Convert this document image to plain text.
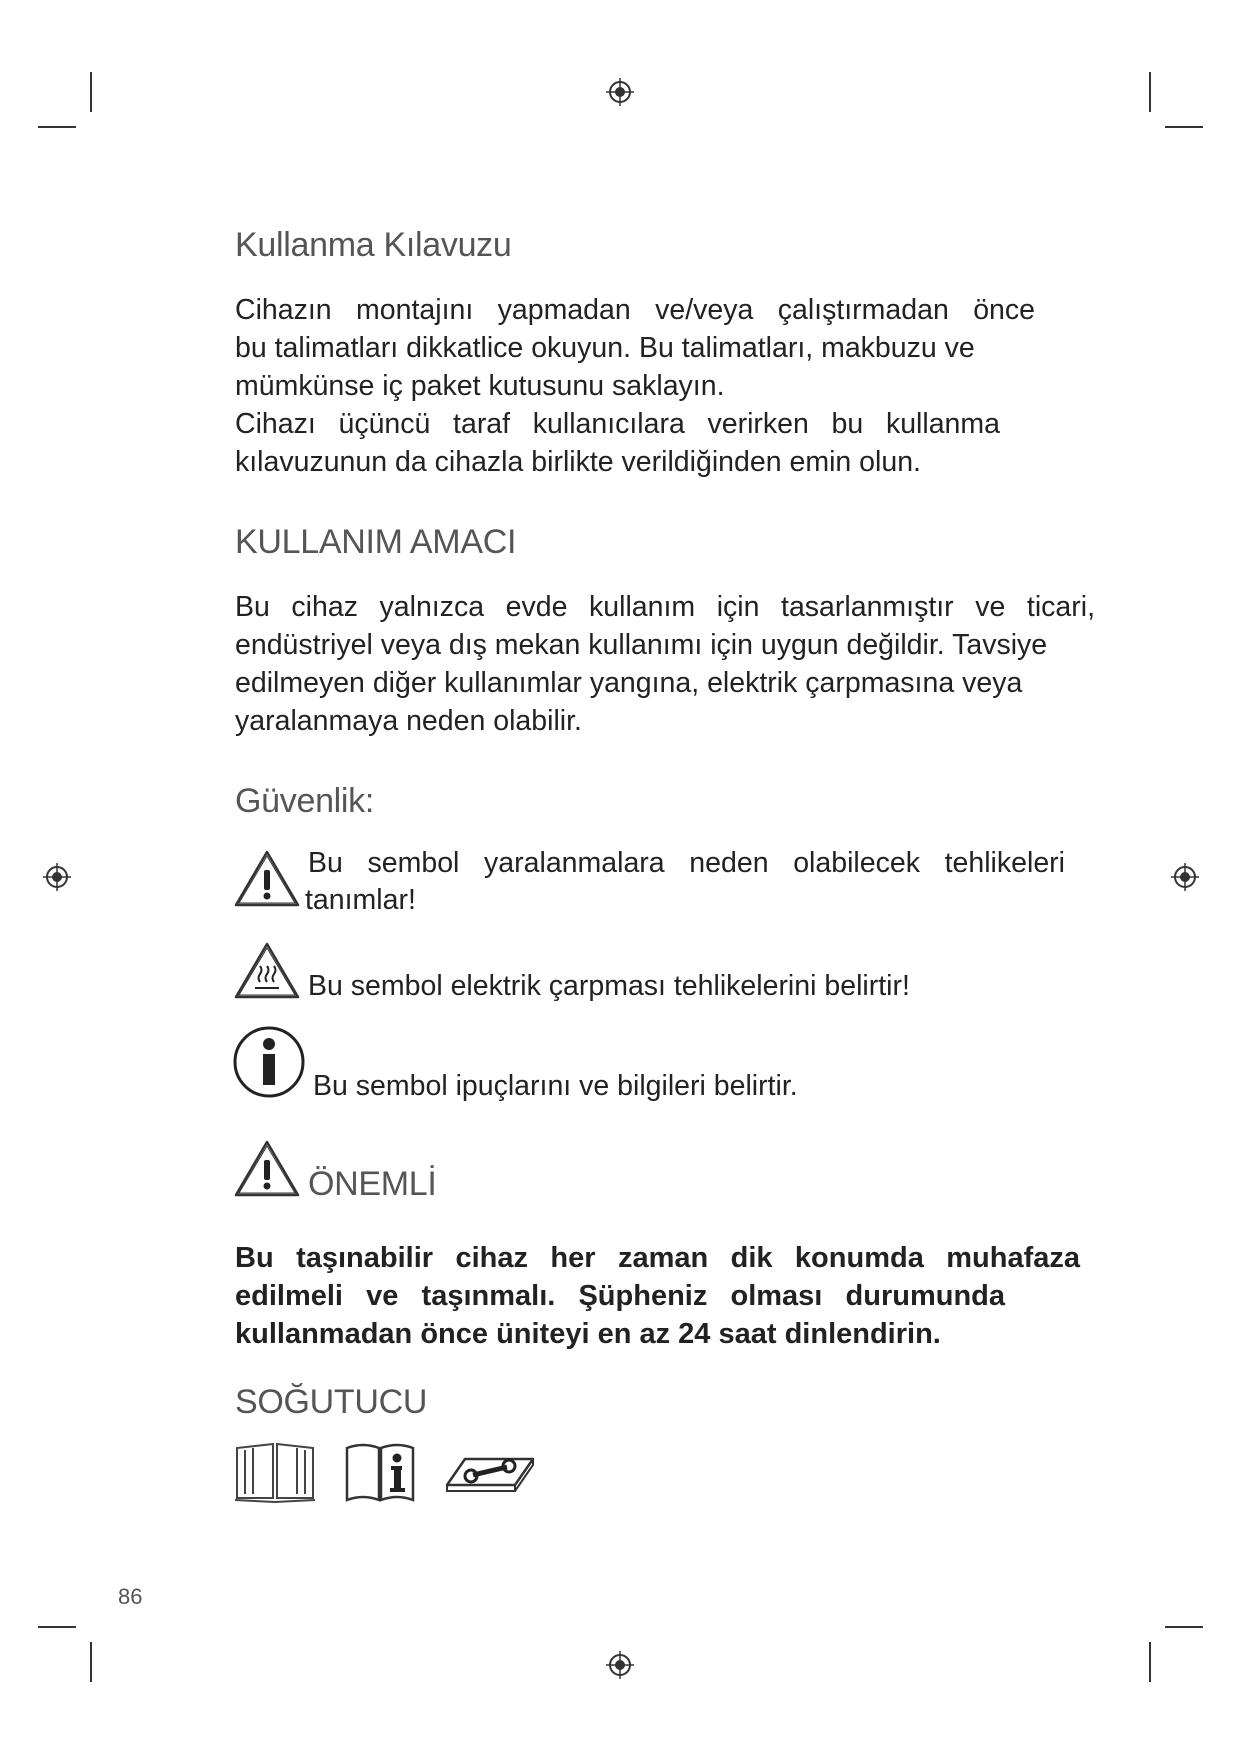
Kullanma Kılavuzu

Cihazın montajını yapmadan ve/veya çalıştırmadan önce

bu talimatları dikkatlice okuyun. Bu talimatları, makbuzu ve

mümkünse iç paket kutusunu saklayın.

Cihazı üçüncü taraf kullanıcılara verirken bu kullanma

kılavuzunun da cihazla birlikte verildiğinden emin olun.

KULLANIM AMACI

Bu cihaz yalnızca evde kullanım için tasarlanmıştır ve ticari,

endüstriyel veya dış mekan kullanımı için uygun değildir. Tavsiye

edilmeyen diğer kullanımlar yangına, elektrik çarpmasına veya

yaralanmaya neden olabilir.

Güvenlik:

Bu sembol yaralanmalara neden olabilecek tehlikeleri

tanımlar!

Bu sembol elektrik çarpması tehlikelerini belirtir!

Bu sembol ipuçlarını ve bilgileri belirtir.

ÖNEMLİ

Bu taşınabilir cihaz her zaman dik konumda muhafaza

edilmeli ve taşınmalı. Şüpheniz olması durumunda

kullanmadan önce üniteyi en az 24 saat dinlendirin.

SOĞUTUCU
86
